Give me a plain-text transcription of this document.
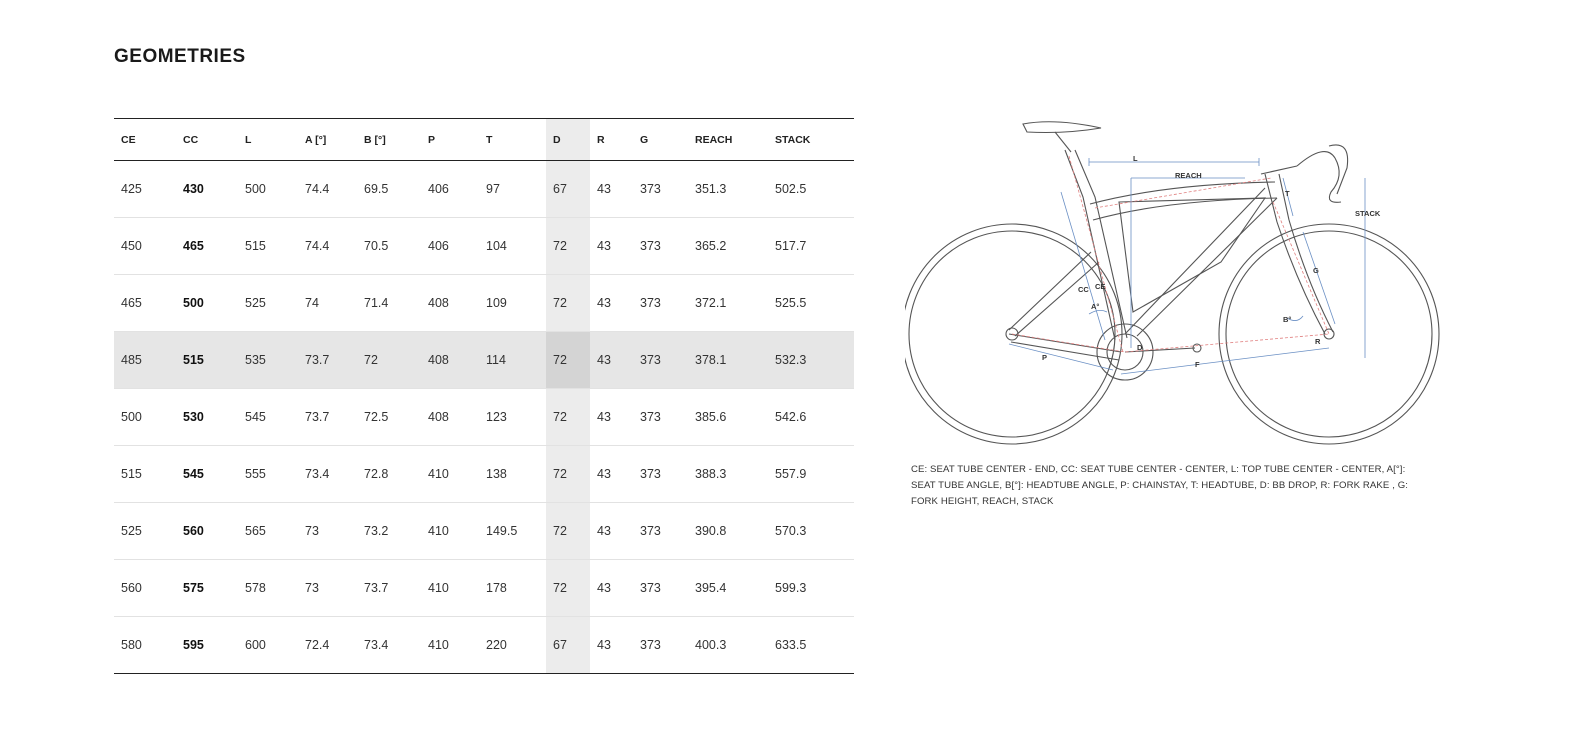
GEOMETRIES
CE	CC	L	A [°]	B [°]	P	T	D	R	G	REACH	STACK
425	430	500	74.4	69.5	406	97	67	43	373	351.3	502.5
450	465	515	74.4	70.5	406	104	72	43	373	365.2	517.7
465	500	525	74	71.4	408	109	72	43	373	372.1	525.5
485	515	535	73.7	72	408	114	72	43	373	378.1	532.3
500	530	545	73.7	72.5	408	123	72	43	373	385.6	542.6
515	545	555	73.4	72.8	410	138	72	43	373	388.3	557.9
525	560	565	73	73.2	410	149.5	72	43	373	390.8	570.3
560	575	578	73	73.7	410	178	72	43	373	395.4	599.3
580	595	600	72.4	73.4	410	220	67	43	373	400.3	633.5
L
REACH
STACK
T
G
CC CE
A°
B°
D
P
F
R
CE: SEAT TUBE CENTER - END, CC: SEAT TUBE CENTER - CENTER, L: TOP TUBE CENTER - CENTER, A[°]: SEAT TUBE ANGLE, B[°]: HEADTUBE ANGLE, P: CHAINSTAY, T: HEADTUBE, D: BB DROP, R: FORK RAKE , G: FORK HEIGHT, REACH, STACK
